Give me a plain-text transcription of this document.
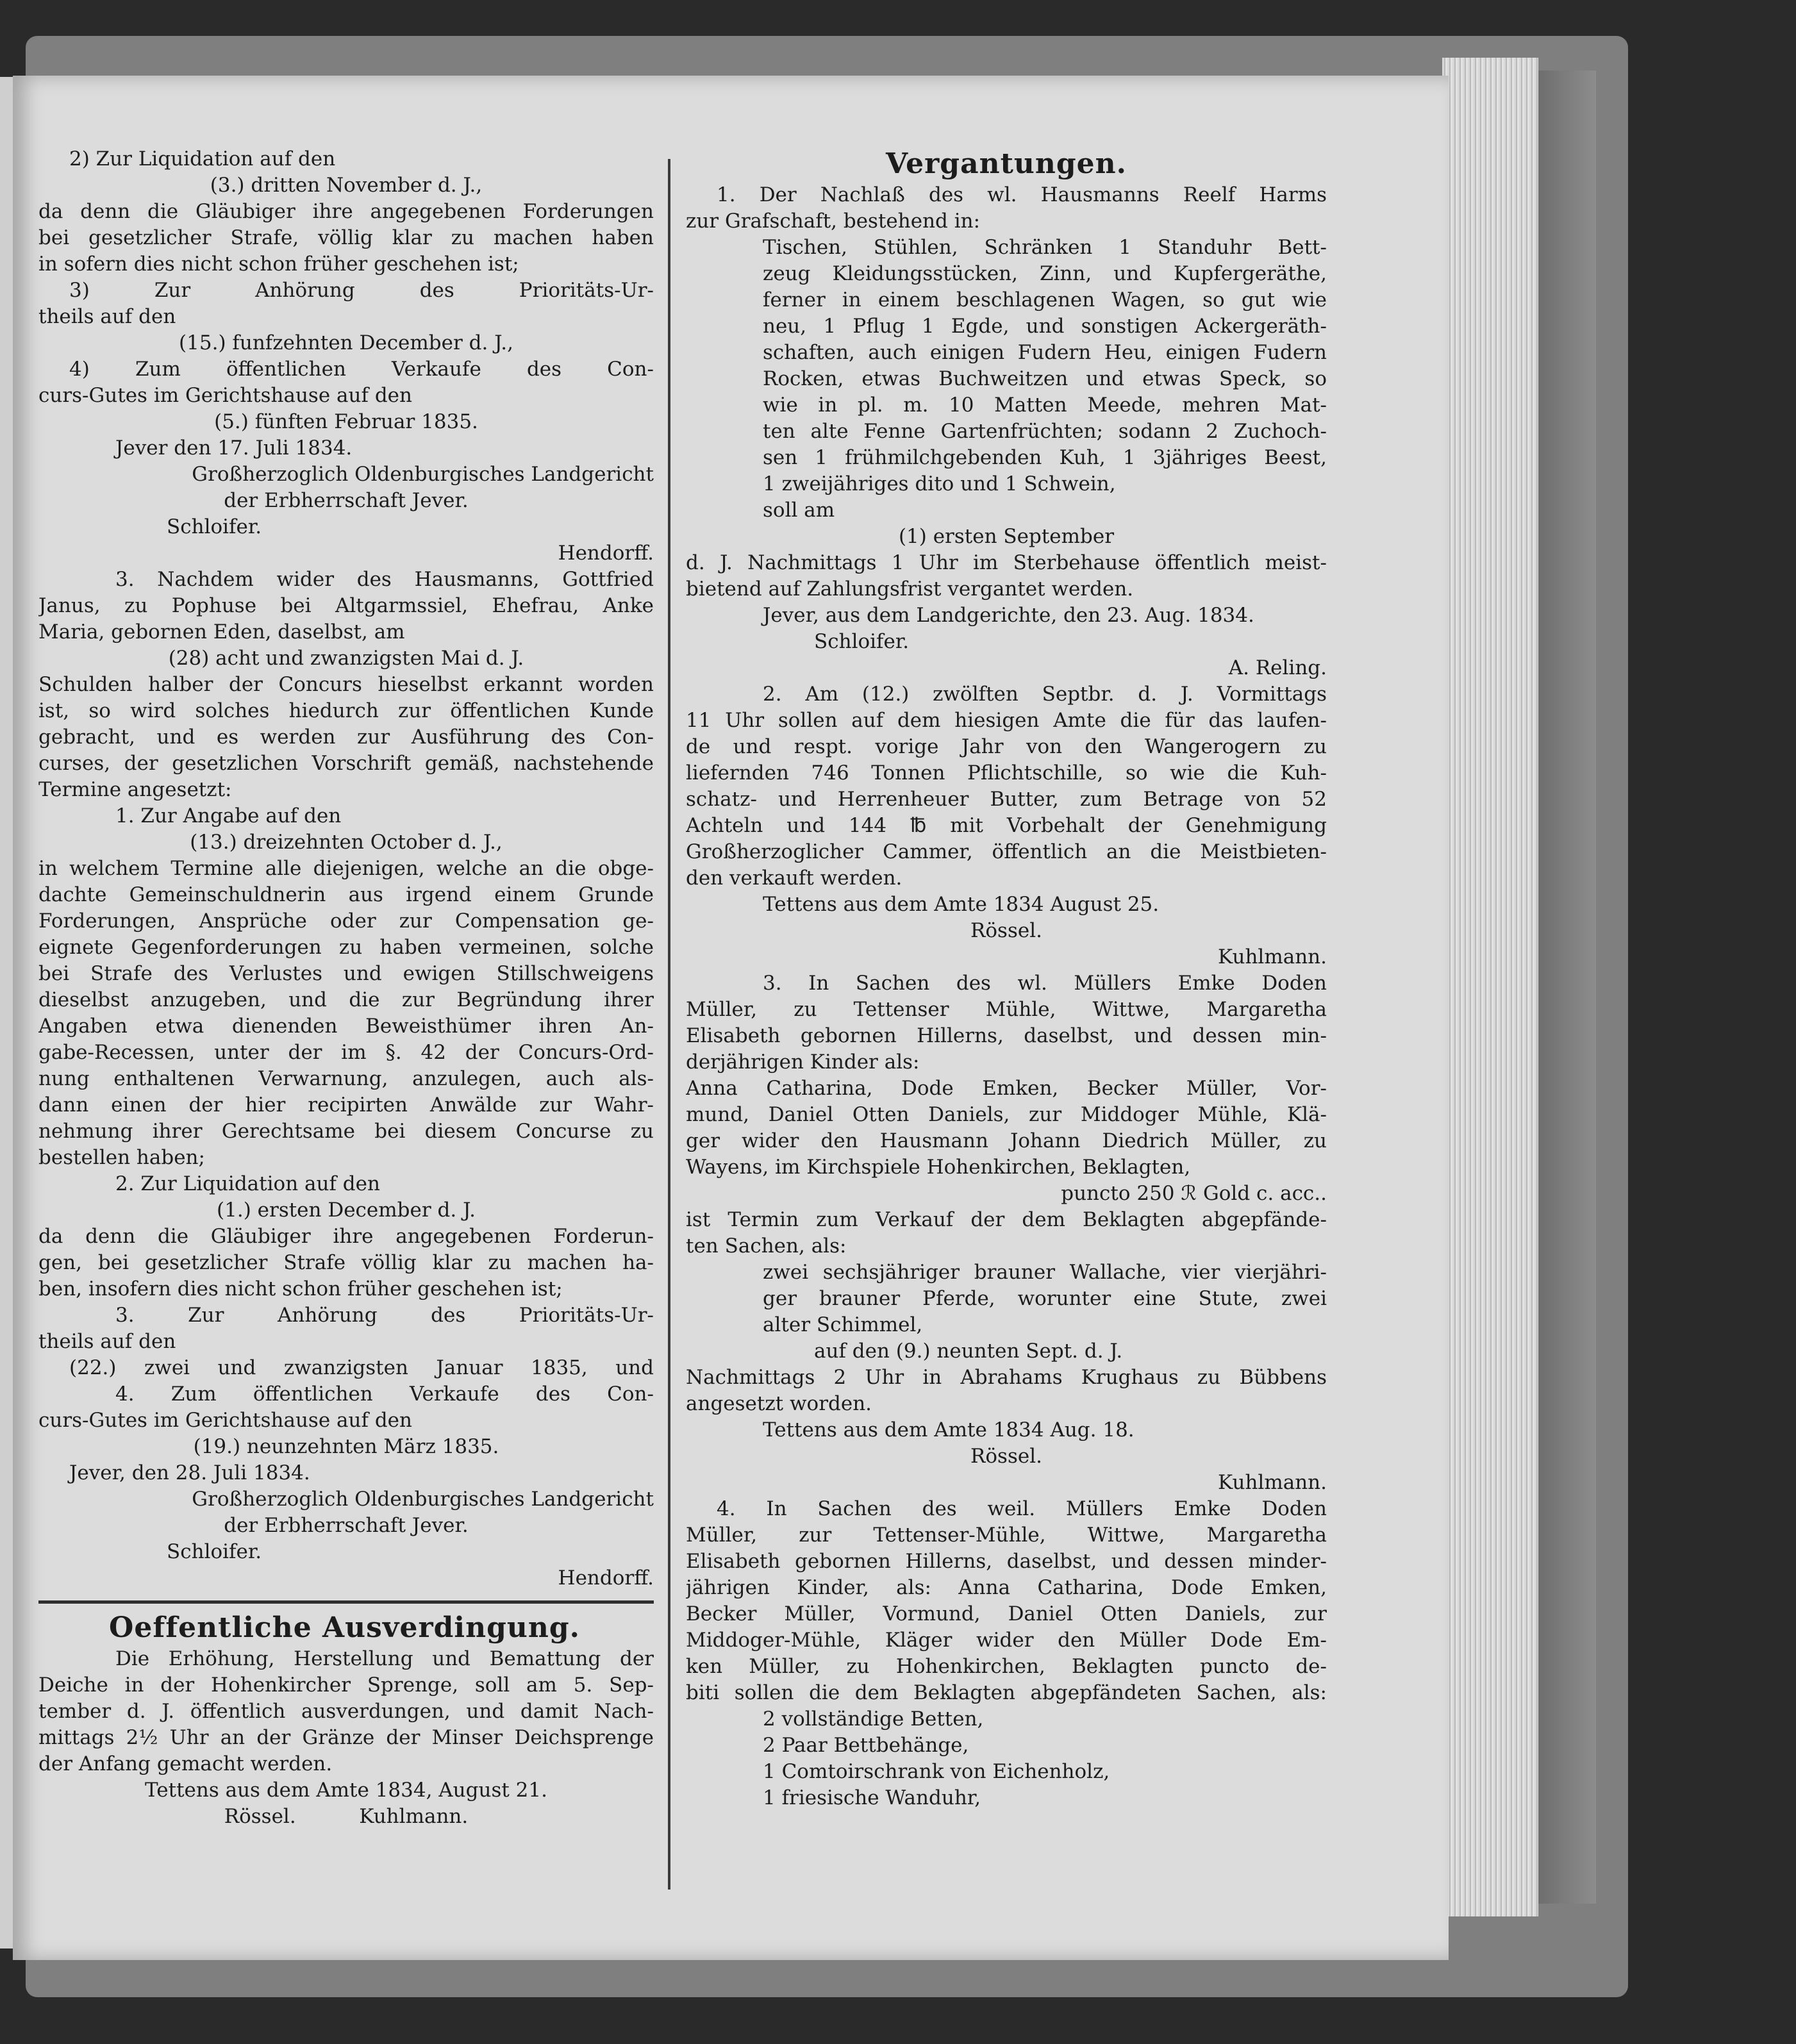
2) Zur Liquidation auf den
(3.) dritten November d. J.,
da denn die Gläubiger ihre angegebenen Forderungen
bei gesetzlicher Strafe, völlig klar zu machen haben
in sofern dies nicht schon früher geschehen ist;
3) Zur Anhörung des Prioritäts-Ur-
theils auf den
(15.) funfzehnten December d. J.,
4) Zum öffentlichen Verkaufe des Con-
curs-Gutes im Gerichtshause auf den
(5.) fünften Februar 1835.
Jever den 17. Juli 1834.
Großherzoglich Oldenburgisches Landgericht
der Erbherrschaft Jever.
Schloifer.
Hendorff.
3. Nachdem wider des Hausmanns, Gottfried
Janus, zu Pophuse bei Altgarmssiel, Ehefrau, Anke
Maria, gebornen Eden, daselbst, am
(28) acht und zwanzigsten Mai d. J.
Schulden halber der Concurs hieselbst erkannt worden
ist, so wird solches hiedurch zur öffentlichen Kunde
gebracht, und es werden zur Ausführung des Con-
curses, der gesetzlichen Vorschrift gemäß, nachstehende
Termine angesetzt:
1. Zur Angabe auf den
(13.) dreizehnten October d. J.,
in welchem Termine alle diejenigen, welche an die obge-
dachte Gemeinschuldnerin aus irgend einem Grunde
Forderungen, Ansprüche oder zur Compensation ge-
eignete Gegenforderungen zu haben vermeinen, solche
bei Strafe des Verlustes und ewigen Stillschweigens
dieselbst anzugeben, und die zur Begründung ihrer
Angaben etwa dienenden Beweisthümer ihren An-
gabe-Recessen, unter der im §. 42 der Concurs-Ord-
nung enthaltenen Verwarnung, anzulegen, auch als-
dann einen der hier recipirten Anwälde zur Wahr-
nehmung ihrer Gerechtsame bei diesem Concurse zu
bestellen haben;
2. Zur Liquidation auf den
(1.) ersten December d. J.
da denn die Gläubiger ihre angegebenen Forderun-
gen, bei gesetzlicher Strafe völlig klar zu machen ha-
ben, insofern dies nicht schon früher geschehen ist;
3. Zur Anhörung des Prioritäts-Ur-
theils auf den
(22.) zwei und zwanzigsten Januar 1835, und
4. Zum öffentlichen Verkaufe des Con-
curs-Gutes im Gerichtshause auf den
(19.) neunzehnten März 1835.
Jever, den 28. Juli 1834.
Großherzoglich Oldenburgisches Landgericht
der Erbherrschaft Jever.
Schloifer.
Hendorff.
Oeffentliche Ausverdingung.
Die Erhöhung, Herstellung und Bemattung der
Deiche in der Hohenkircher Sprenge, soll am 5. Sep-
tember d. J. öffentlich ausverdungen, und damit Nach-
mittags 2½ Uhr an der Gränze der Minser Deichsprenge
der Anfang gemacht werden.
Tettens aus dem Amte 1834, August 21.
Rössel.          Kuhlmann.
Vergantungen.
1. Der Nachlaß des wl. Hausmanns Reelf Harms
zur Grafschaft, bestehend in:
Tischen, Stühlen, Schränken 1 Standuhr Bett-
zeug Kleidungsstücken, Zinn, und Kupfergeräthe,
ferner in einem beschlagenen Wagen, so gut wie
neu, 1 Pflug 1 Egde, und sonstigen Ackergeräth-
schaften, auch einigen Fudern Heu, einigen Fudern
Rocken, etwas Buchweitzen und etwas Speck, so
wie in pl. m. 10 Matten Meede, mehren Mat-
ten alte Fenne Gartenfrüchten; sodann 2 Zuchoch-
sen 1 frühmilchgebenden Kuh, 1 3jähriges Beest,
1 zweijähriges dito und 1 Schwein,
soll am
(1) ersten September
d. J. Nachmittags 1 Uhr im Sterbehause öffentlich meist-
bietend auf Zahlungsfrist vergantet werden.
Jever, aus dem Landgerichte, den 23. Aug. 1834.
Schloifer.
A. Reling.
2. Am (12.) zwölften Septbr. d. J. Vormittags
11 Uhr sollen auf dem hiesigen Amte die für das laufen-
de und respt. vorige Jahr von den Wangerogern zu
liefernden 746 Tonnen Pflichtschille, so wie die Kuh-
schatz- und Herrenheuer Butter, zum Betrage von 52
Achteln und 144 ℔ mit Vorbehalt der Genehmigung
Großherzoglicher Cammer, öffentlich an die Meistbieten-
den verkauft werden.
Tettens aus dem Amte 1834 August 25.
Rössel.
Kuhlmann.
3. In Sachen des wl. Müllers Emke Doden
Müller, zu Tettenser Mühle, Wittwe, Margaretha
Elisabeth gebornen Hillerns, daselbst, und dessen min-
derjährigen Kinder als:
Anna Catharina, Dode Emken, Becker Müller, Vor-
mund, Daniel Otten Daniels, zur Middoger Mühle, Klä-
ger wider den Hausmann Johann Diedrich Müller, zu
Wayens, im Kirchspiele Hohenkirchen, Beklagten,
puncto 250 ℛ Gold c. acc..
ist Termin zum Verkauf der dem Beklagten abgepfände-
ten Sachen, als:
zwei sechsjähriger brauner Wallache, vier vierjähri-
ger brauner Pferde, worunter eine Stute, zwei
alter Schimmel,
auf den (9.) neunten Sept. d. J.
Nachmittags 2 Uhr in Abrahams Krughaus zu Bübbens
angesetzt worden.
Tettens aus dem Amte 1834 Aug. 18.
Rössel.
Kuhlmann.
4. In Sachen des weil. Müllers Emke Doden
Müller, zur Tettenser-Mühle, Wittwe, Margaretha
Elisabeth gebornen Hillerns, daselbst, und dessen minder-
jährigen Kinder, als: Anna Catharina, Dode Emken,
Becker Müller, Vormund, Daniel Otten Daniels, zur
Middoger-Mühle, Kläger wider den Müller Dode Em-
ken Müller, zu Hohenkirchen, Beklagten puncto de-
biti sollen die dem Beklagten abgepfändeten Sachen, als:
2 vollständige Betten,
2 Paar Bettbehänge,
1 Comtoirschrank von Eichenholz,
1 friesische Wanduhr,
